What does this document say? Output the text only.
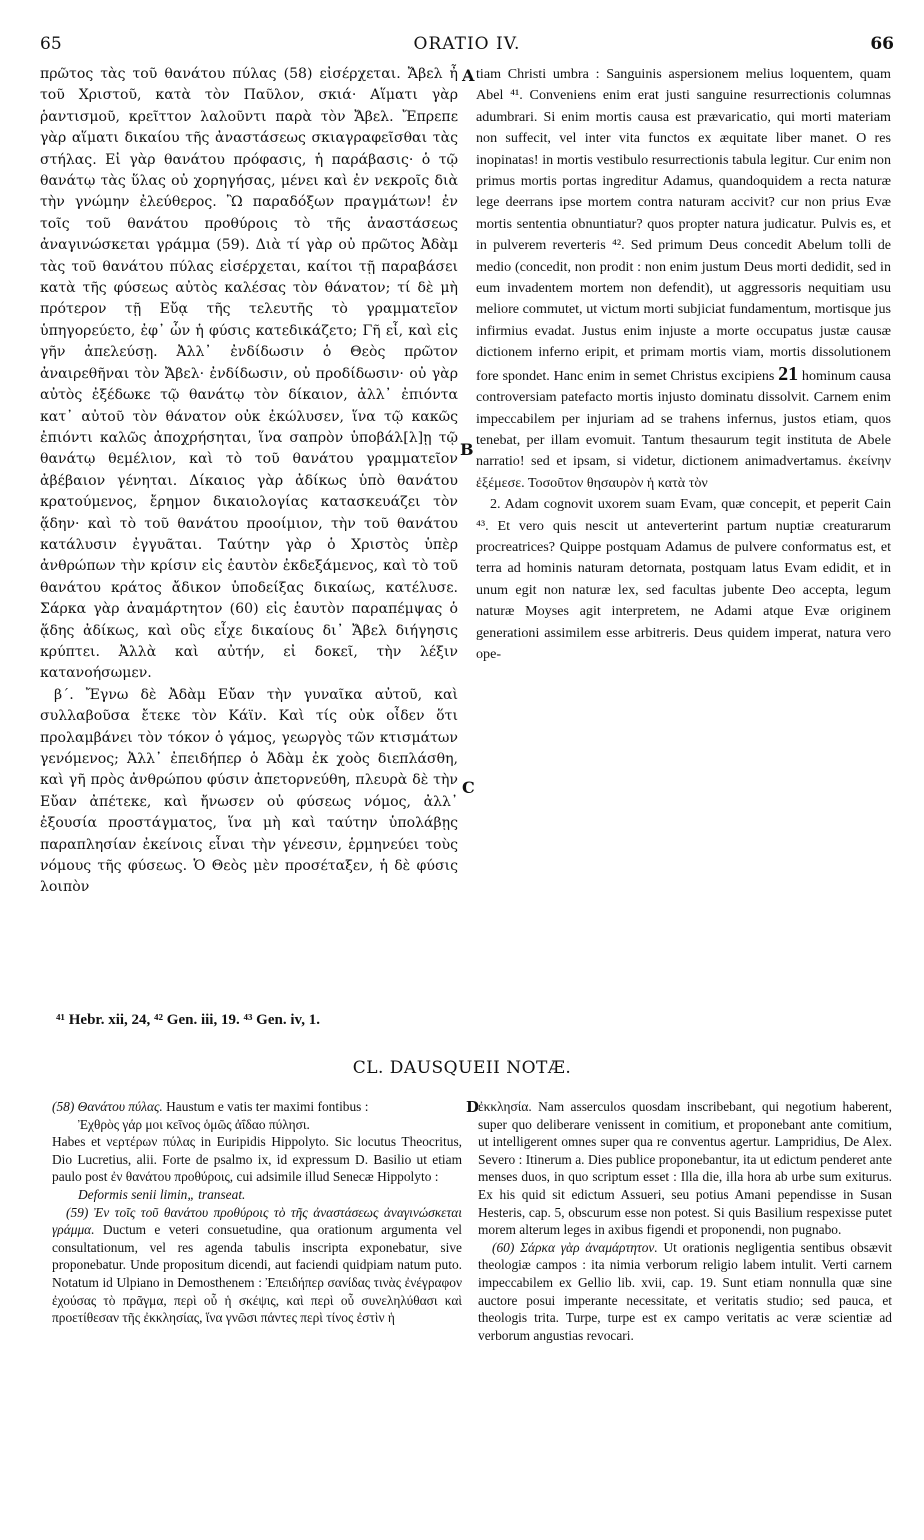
65	ORATIO IV.	66

πρῶτος τὰς τοῦ θανάτου πύλας (58) εἰσέρχεται. Ἄβελ ἦ τοῦ Χριστοῦ, κατὰ τὸν Παῦλον, σκιά· Αἵματι γὰρ ῥαντισμοῦ, κρεῖττον λαλοῦντι παρὰ τὸν Ἄβελ. Ἔπρεπε γὰρ αἵματι δικαίου τῆς ἀναστάσεως σκιαγραφεῖσθαι τὰς στήλας. Εἰ γὰρ θανάτου πρόφασις, ἡ παράβασις· ὁ τῷ θανάτῳ τὰς ὕλας οὐ χορηγήσας, μένει καὶ ἐν νεκροῖς διὰ τὴν γνώμην ἐλεύθερος. Ὢ παραδόξων πραγμάτων! ἐν τοῖς τοῦ θανάτου προθύροις τὸ τῆς ἀναστάσεως ἀναγινώσκεται γράμμα (59). Διὰ τί γὰρ οὐ πρῶτος Ἀδὰμ τὰς τοῦ θανάτου πύλας εἰσέρχεται, καίτοι τῇ παραβάσει κατὰ τῆς φύσεως αὐτὸς καλέσας τὸν θάνατον; τί δὲ μὴ πρότερον τῇ Εὔᾳ τῆς τελευτῆς τὸ γραμματεῖον ὑπηγορεύετο, ἐφ᾽ ὧν ἡ φύσις κατεδικάζετο; Γῆ εἶ, καὶ εἰς γῆν ἀπελεύσῃ. Ἀλλ᾽ ἐνδίδωσιν ὁ Θεὸς πρῶτον ἀναιρεθῆναι τὸν Ἄβελ· ἐνδίδωσιν, οὐ προδίδωσιν· οὐ γὰρ αὐτὸς ἐξέδωκε τῷ θανάτῳ τὸν δίκαιον, ἀλλ᾽ ἐπιόντα κατ᾽ αὐτοῦ τὸν θάνατον οὐκ ἐκώλυσεν, ἵνα τῷ κακῶς ἐπιόντι καλῶς ἀποχρήσηται, ἵνα σαπρὸν ὑποβάλ[λ]ῃ τῷ θανάτῳ θεμέλιον, καὶ τὸ τοῦ θανάτου γραμματεῖον ἀβέβαιον γένηται. Δίκαιος γὰρ ἀδίκως ὑπὸ θανάτου κρατούμενος, ἔρημον δικαιολογίας κατασκευάζει τὸν ᾅδην· καὶ τὸ τοῦ θανάτου προοίμιον, τὴν τοῦ θανάτου κατάλυσιν ἐγγυᾶται. Ταύτην γὰρ ὁ Χριστὸς ὑπὲρ ἀνθρώπων τὴν κρίσιν εἰς ἑαυτὸν ἐκδεξάμενος, καὶ τὸ τοῦ θανάτου κράτος ἄδικον ὑποδείξας δικαίως, κατέλυσε. Σάρκα γὰρ ἀναμάρτητον (60) εἰς ἑαυτὸν παραπέμψας ὁ ᾅδης ἀδίκως, καὶ οὓς εἶχε δικαίους δι᾽ Ἄβελ διήγησις κρύπτει. Ἀλλὰ καὶ αὐτήν, εἰ δοκεῖ, τὴν λέξιν κατανοήσωμεν.

β΄. Ἔγνω δὲ Ἀδὰμ Εὔαν τὴν γυναῖκα αὐτοῦ, καὶ συλλαβοῦσα ἔτεκε τὸν Κάϊν. Καὶ τίς οὐκ οἶδεν ὅτι προλαμβάνει τὸν τόκον ὁ γάμος, γεωργὸς τῶν κτισμάτων γενόμενος; Ἀλλ᾽ ἐπειδήπερ ὁ Ἀδὰμ ἐκ χοὸς διεπλάσθη, καὶ γῆ πρὸς ἀνθρώπου φύσιν ἀπετορνεύθη, πλευρὰ δὲ τὴν Εὔαν ἀπέτεκε, καὶ ἤνωσεν οὐ φύσεως νόμος, ἀλλ᾽ ἐξουσία προστάγματος, ἵνα μὴ καὶ ταύτην ὑπολάβῃς παραπλησίαν ἐκείνοις εἶναι τὴν γένεσιν, ἑρμηνεύει τοὺς νόμους τῆς φύσεως. Ὁ Θεὸς μὲν προσέταξεν, ἡ δὲ φύσις λοιπὸν

A
B
C

tiam Christi umbra : Sanguinis aspersionem melius loquentem, quam Abel ⁴¹. Conveniens enim erat justi sanguine resurrectionis columnas adumbrari. Si enim mortis causa est prævaricatio, qui morti materiam non suffecit, vel inter vita functos ex æquitate liber manet. O res inopinatas! in mortis vestibulo resurrectionis tabula legitur. Cur enim non primus mortis portas ingreditur Adamus, quandoquidem a recta naturæ lege deerrans ipse mortem contra naturam accivit? cur non prius Evæ mortis sententia obnuntiatur? quos propter natura judicatur. Pulvis es, et in pulverem reverteris ⁴². Sed primum Deus concedit Abelum tolli de medio (concedit, non prodit : non enim justum Deus morti dedidit, sed in eum invadentem mortem non defendit), ut aggressoris nequitiam usu meliore commutet, ut victum morti subjiciat fundamentum, mortisque jus infirmius evadat. Justus enim injuste a morte occupatus justæ causæ dictionem inferno eripit, et primam mortis viam, mortis dissolutionem fore spondet. Hanc enim in semet Christus excipiens 21 hominum causa controversiam patefacto mortis injusto dominatu dissolvit. Carnem enim impeccabilem per injuriam ad se trahens infernus, justos etiam, quos tenebat, per illam evomuit. Tantum thesaurum tegit instituta de Abele narratio! sed et ipsam, si videtur, dictionem animadvertamus. ἐκείνην ἐξέμεσε. Τοσοῦτον θησαυρὸν ἡ κατὰ τὸν

2. Adam cognovit uxorem suam Evam, quæ concepit, et peperit Cain ⁴³. Et vero quis nescit ut anteverterint partum nuptiæ creaturarum procreatrices? Quippe postquam Adamus de pulvere conformatus est, et terra ad hominis naturam detornata, postquam latus Evam edidit, et in unum egit non naturæ lex, sed facultas jubente Deo accepta, legum naturæ Moyses agit interpretem, ne Adami atque Evæ originem generationi assimilem esse arbitreris. Deus quidem imperat, natura vero ope-

⁴¹ Hebr. xii, 24, ⁴² Gen. iii, 19. ⁴³ Gen. iv, 1.
CL. DAUSQUEII NOTÆ.

(58) Θανάτου πύλας. Haustum e vatis ter maximi fontibus :

Ἐχθρὸς γάρ μοι κεῖνος ὁμῶς ἀΐδαο πύλησι.

Habes et νερτέρων πύλας in Euripidis Hippolyto. Sic locutus Theocritus, Dio Lucretius, alii. Forte de psalmo ix, id expressum D. Basilio ut etiam paulo post ἐν θανάτου προθύροις, cui adsimile illud Senecæ Hippolyto :

Deformis senii limin„ transeat.

(59) Ἐν τοῖς τοῦ θανάτου προθύροις τὸ τῆς ἀναστάσεως ἀναγινώσκεται γράμμα. Ductum e veteri consuetudine, qua orationum argumenta vel consultationum, vel res agenda tabulis inscripta exponebatur, sive proponebatur. Unde propositum dicendi, aut faciendi quidpiam natum puto. Notatum id Ulpiano in Demosthenem : Ἐπειδήπερ σανίδας τινὰς ἐνέγραφον ἐχούσας τὸ πρᾶγμα, περὶ οὗ ἡ σκέψις, καὶ περὶ οὗ συνεληλύθασι καὶ προετίθεσαν τῆς ἐκκλησίας, ἵνα γνῶσι πάντες περὶ τίνος ἐστὶν ἡ

D

ἐκκλησία. Nam asserculos quosdam inscribebant, qui negotium haberent, super quo deliberare venissent in comitium, et proponebant ante comitium, ut intelligerent omnes super qua re conventus agertur. Lampridius, De Alex. Severo : Itinerum a. Dies publice proponebantur, ita ut edictum penderet ante menses duos, in quo scriptum esset : Illa die, illa hora ab urbe sum exiturus. Ex his quid sit edictum Assueri, seu potius Amani pependisse in Susan Hesteris, cap. 5, obscurum esse non potest. Si quis Basilium respexisse putet morem alterum leges in axibus figendi et proponendi, non pugnabo.

(60) Σάρκα γὰρ ἀναμάρτητον. Ut orationis negligentia sentibus obsævit theologiæ campos : ita nimia verborum religio labem intulit. Verti carnem impeccabilem ex Gellio lib. xvii, cap. 19. Sunt etiam nonnulla quæ sine auctore posui imperante necessitate, et veritatis studio; sed pauca, et theologis trita. Turpe, turpe est ex campo veritatis ac veræ scientiæ ad verborum angustias revocari.
